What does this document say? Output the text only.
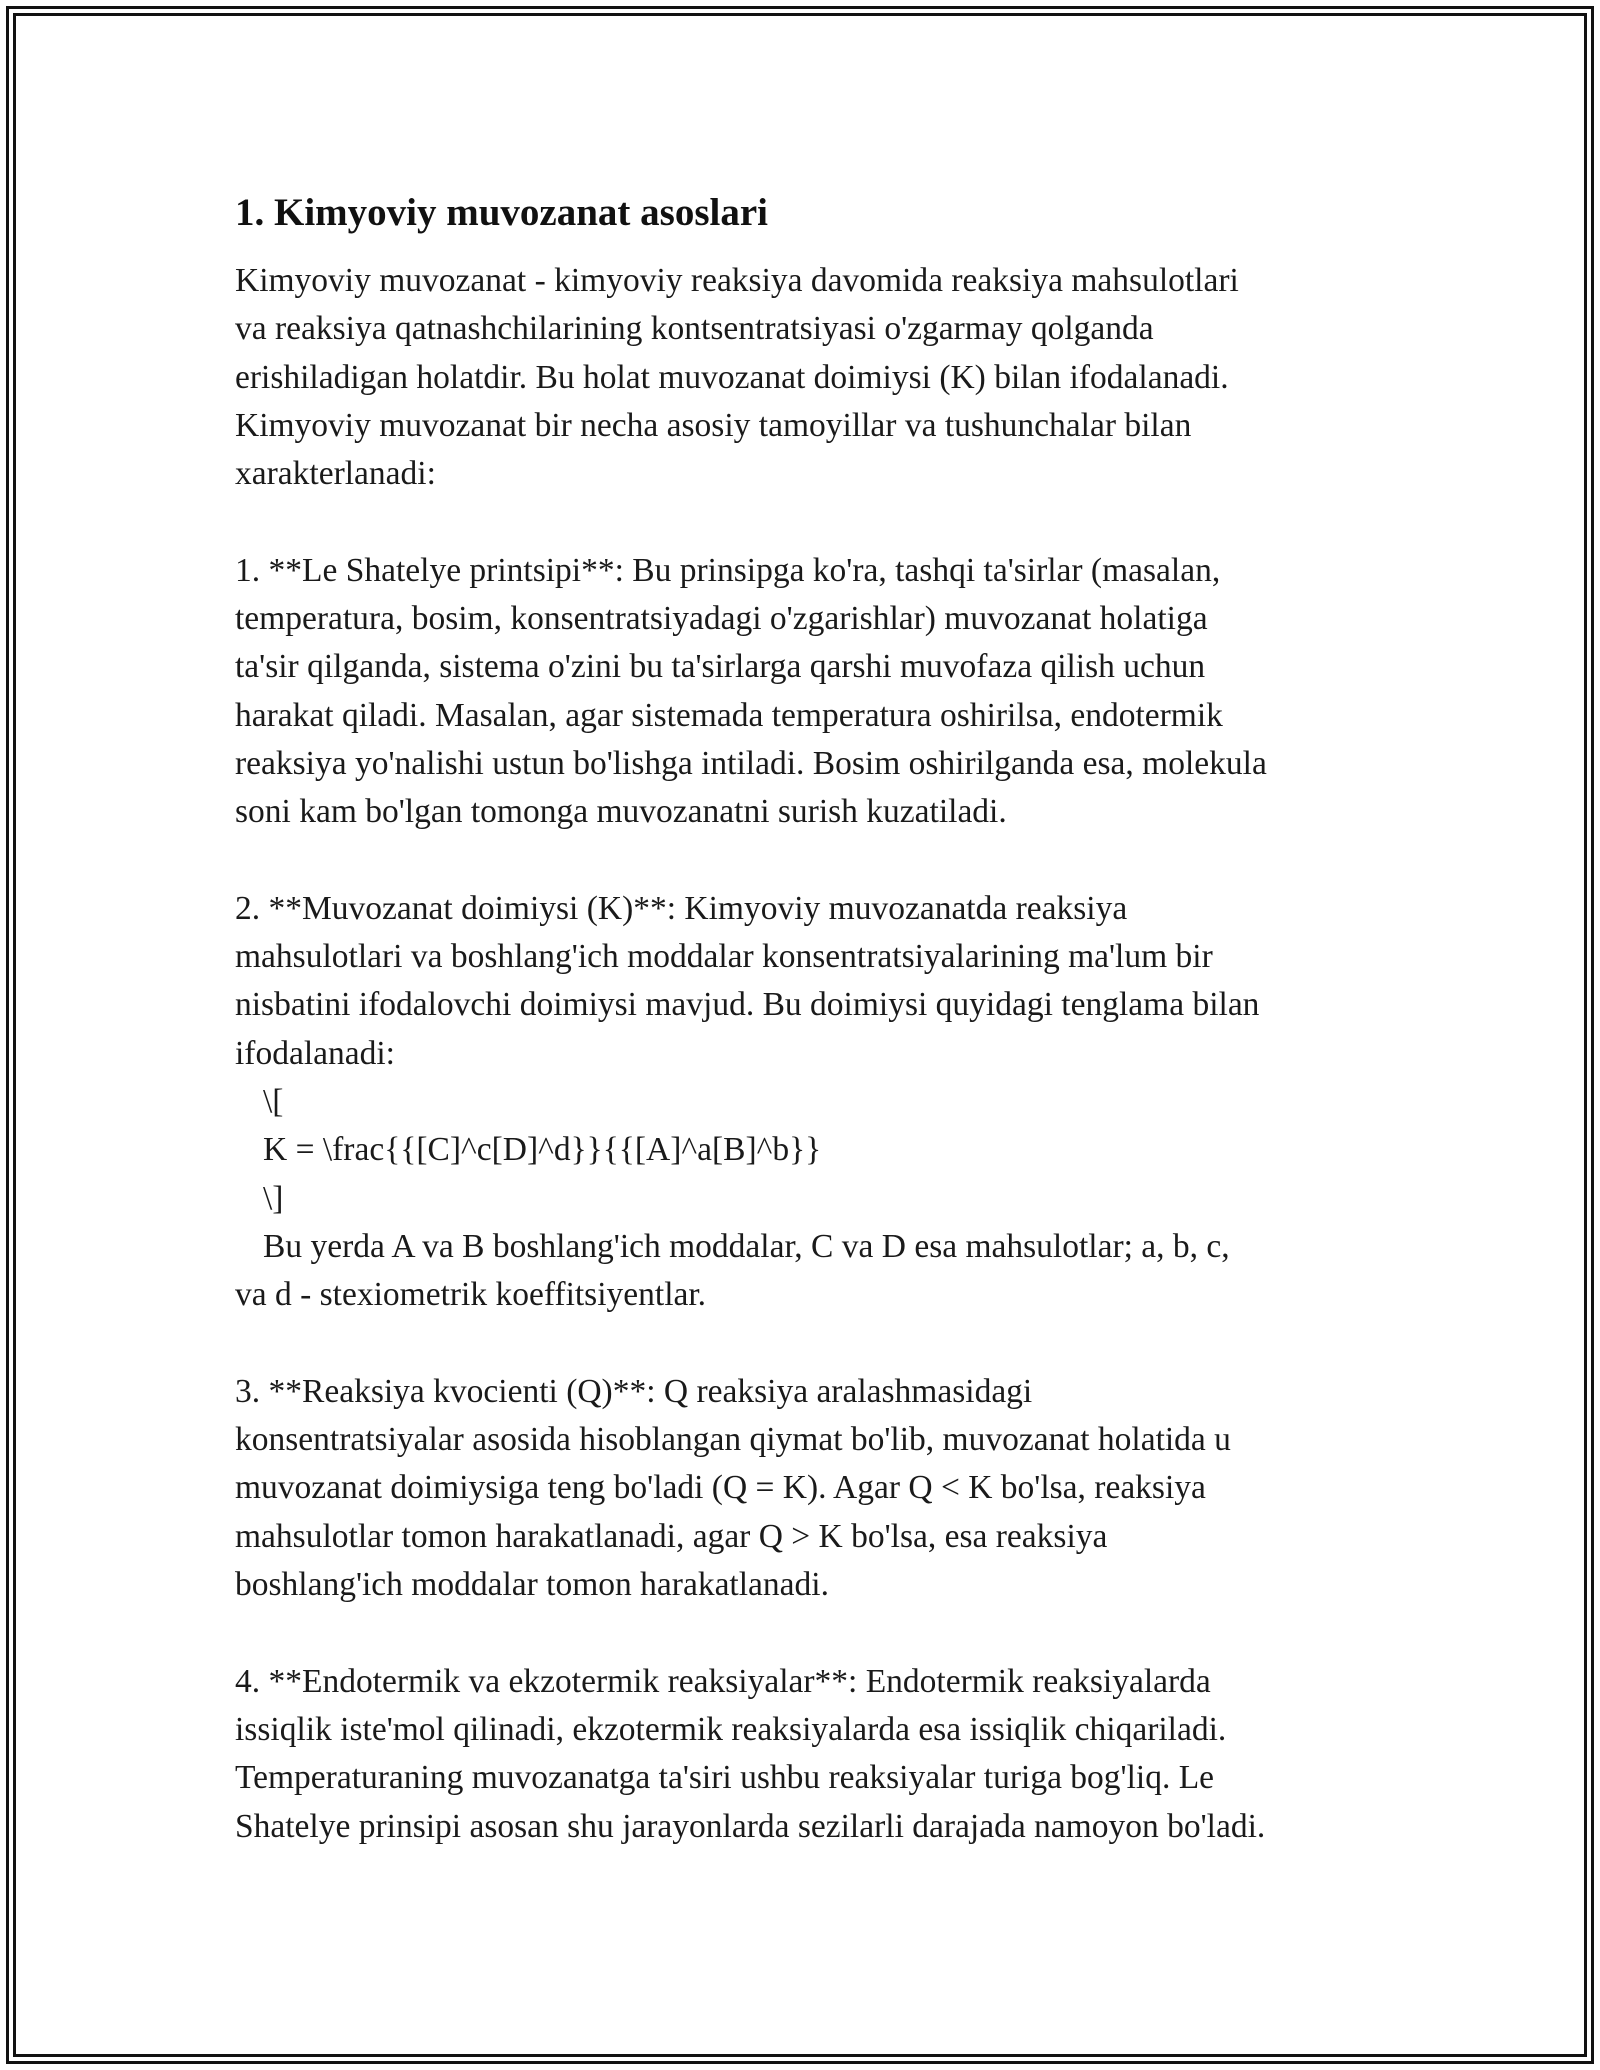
1. Kimyoviy muvozanat asoslari
Kimyoviy muvozanat - kimyoviy reaksiya davomida reaksiya mahsulotlari
va reaksiya qatnashchilarining kontsentratsiyasi o'zgarmay qolganda
erishiladigan holatdir. Bu holat muvozanat doimiysi (K) bilan ifodalanadi.
Kimyoviy muvozanat bir necha asosiy tamoyillar va tushunchalar bilan
xarakterlanadi:
1. **Le Shatelye printsipi**: Bu prinsipga ko'ra, tashqi ta'sirlar (masalan,
temperatura, bosim, konsentratsiyadagi o'zgarishlar) muvozanat holatiga
ta'sir qilganda, sistema o'zini bu ta'sirlarga qarshi muvofaza qilish uchun
harakat qiladi. Masalan, agar sistemada temperatura oshirilsa, endotermik
reaksiya yo'nalishi ustun bo'lishga intiladi. Bosim oshirilganda esa, molekula
soni kam bo'lgan tomonga muvozanatni surish kuzatiladi.
2. **Muvozanat doimiysi (K)**: Kimyoviy muvozanatda reaksiya
mahsulotlari va boshlang'ich moddalar konsentratsiyalarining ma'lum bir
nisbatini ifodalovchi doimiysi mavjud. Bu doimiysi quyidagi tenglama bilan
ifodalanadi:
\[
K = \frac{{[C]^c[D]^d}}{{[A]^a[B]^b}}
\]
Bu yerda A va B boshlang'ich moddalar, C va D esa mahsulotlar; a, b, c,
va d - stexiometrik koeffitsiyentlar.
3. **Reaksiya kvocienti (Q)**: Q reaksiya aralashmasidagi
konsentratsiyalar asosida hisoblangan qiymat bo'lib, muvozanat holatida u
muvozanat doimiysiga teng bo'ladi (Q = K). Agar Q < K bo'lsa, reaksiya
mahsulotlar tomon harakatlanadi, agar Q > K bo'lsa, esa reaksiya
boshlang'ich moddalar tomon harakatlanadi.
4. **Endotermik va ekzotermik reaksiyalar**: Endotermik reaksiyalarda
issiqlik iste'mol qilinadi, ekzotermik reaksiyalarda esa issiqlik chiqariladi.
Temperaturaning muvozanatga ta'siri ushbu reaksiyalar turiga bog'liq. Le
Shatelye prinsipi asosan shu jarayonlarda sezilarli darajada namoyon bo'ladi.
